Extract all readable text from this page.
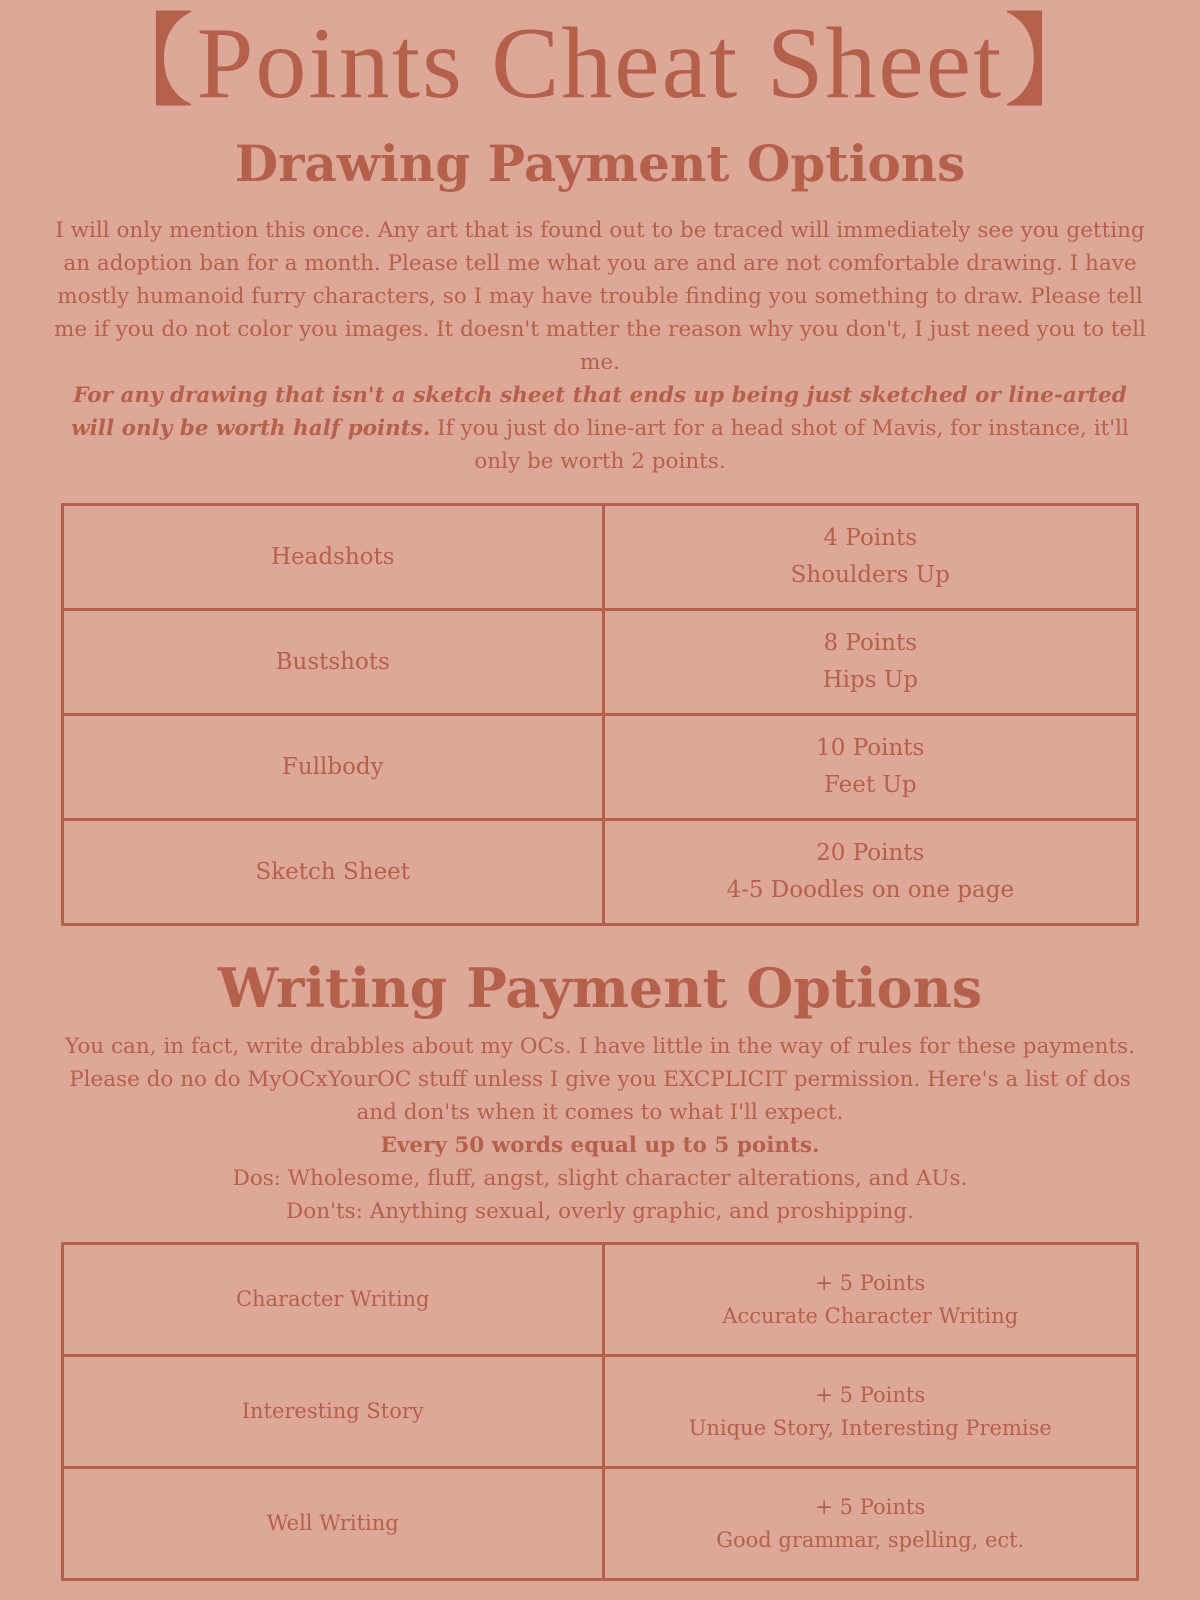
【Points Cheat Sheet】
Drawing Payment Options

I will only mention this once. Any art that is found out to be traced will immediately see you getting an adoption ban for a month. Please tell me what you are and are not comfortable drawing. I have mostly humanoid furry characters, so I may have trouble finding you something to draw. Please tell me if you do not color you images. It doesn't matter the reason why you don't, I just need you to tell me.

For any drawing that isn't a sketch sheet that ends up being just sketched or line-arted will only be worth half points. If you just do line-art for a head shot of Mavis, for instance, it'll only be worth 2 points.

Headshots	4 Points
Shoulders Up

Bustshots	8 Points
Hips Up

Fullbody	10 Points
Feet Up

Sketch Sheet	20 Points
4-5 Doodles on one page
Writing Payment Options

You can, in fact, write drabbles about my OCs. I have little in the way of rules for these payments. Please do no do MyOCxYourOC stuff unless I give you EXCPLICIT permission. Here's a list of dos and don'ts when it comes to what I'll expect.

Every 50 words equal up to 5 points.

Dos: Wholesome, fluff, angst, slight character alterations, and AUs.

Don'ts: Anything sexual, overly graphic, and proshipping.

Character Writing	+ 5 Points
Accurate Character Writing

Interesting Story	+ 5 Points
Unique Story, Interesting Premise

Well Writing	+ 5 Points
Good grammar, spelling, ect.
